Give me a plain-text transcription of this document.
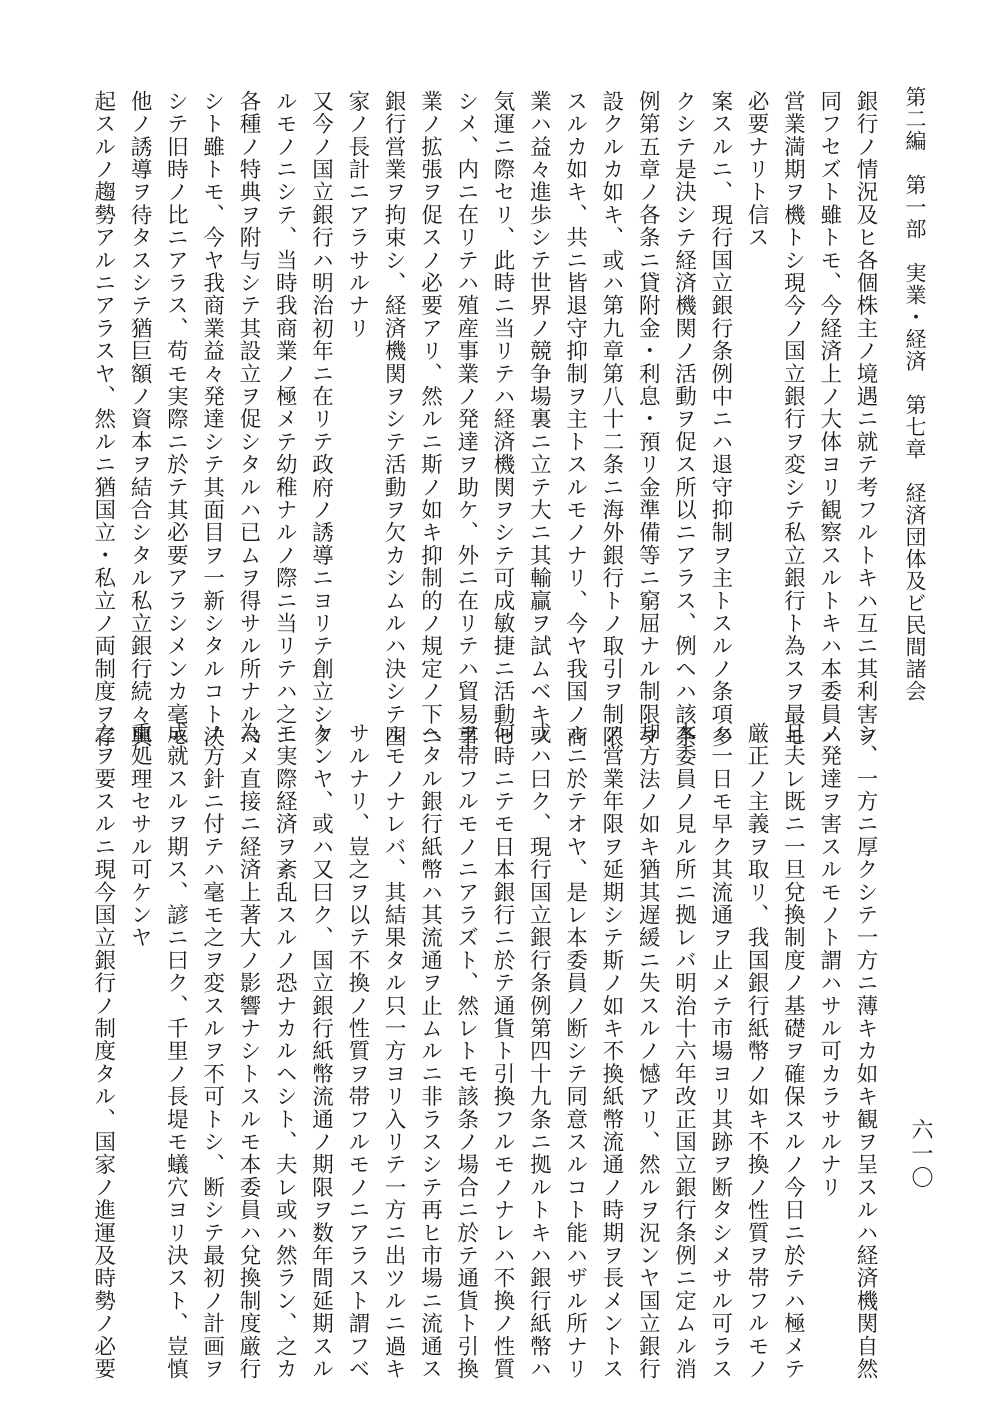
第二編　第一部　実業・経済　第七章　経済団体及ビ民間諸会
六一〇
銀行ノ情況及ヒ各個株主ノ境遇ニ就テ考フルトキハ互ニ其利害ヲ
同フセズト雖トモ、今経済上ノ大体ヨリ観察スルトキハ本委員ハ
営業満期ヲ機トシ現今ノ国立銀行ヲ変シテ私立銀行ト為スヲ最モ
必要ナリト信ス
案スルニ、現行国立銀行条例中ニハ退守抑制ヲ主トスルノ条項多
クシテ是決シテ経済機関ノ活動ヲ促ス所以ニアラス、例ヘハ該条
例第五章ノ各条ニ貸附金・利息・預リ金準備等ニ窮屈ナル制限ヲ
設クルカ如キ、或ハ第九章第八十二条ニ海外銀行トノ取引ヲ制限
スルカ如キ、共ニ皆退守抑制ヲ主トスルモノナリ、今ヤ我国ノ商
業ハ益々進歩シテ世界ノ競争場裏ニ立テ大ニ其輸贏ヲ試ムベキノ
気運ニ際セリ、此時ニ当リテハ経済機関ヲシテ可成敏捷ニ活動セ
シメ、内ニ在リテハ殖産事業ノ発達ヲ助ケ、外ニ在リテハ貿易事
業ノ拡張ヲ促スノ必要アリ、然ルニ斯ノ如キ抑制的ノ規定ノ下ニ
銀行営業ヲ拘束シ、経済機関ヲシテ活動ヲ欠カシムルハ決シテ国
家ノ長計ニアラサルナリ
又今ノ国立銀行ハ明治初年ニ在リテ政府ノ誘導ニヨリテ創立シタ
ルモノニシテ、当時我商業ノ極メテ幼稚ナルノ際ニ当リテハ之ニ
各種ノ特典ヲ附与シテ其設立ヲ促シタルハ已ムヲ得サル所ナルベ
シト雖トモ、今ヤ我商業益々発達シテ其面目ヲ一新シタルコト決
シテ旧時ノ比ニアラス、苟モ実際ニ於テ其必要アラシメンカ毫モ
他ノ誘導ヲ待タスシテ猶巨額ノ資本ヲ結合シタル私立銀行続々興
起スルノ趨勢アルニアラスヤ、然ルニ猶国立・私立ノ両制度ヲ存
シ、一方ニ厚クシテ一方ニ薄キカ如キ観ヲ呈スルハ経済機関自然
ノ発達ヲ害スルモノト謂ハサル可カラサルナリ
且夫レ既ニ一旦兌換制度ノ基礎ヲ確保スルノ今日ニ於テハ極メテ
厳正ノ主義ヲ取リ、我国銀行紙幣ノ如キ不換ノ性質ヲ帯フルモノ
ハ一日モ早ク其流通ヲ止メテ市場ヨリ其跡ヲ断タシメサル可ラス
本委員ノ見ル所ニ拠レバ明治十六年改正国立銀行条例ニ定ムル消
却方法ノ如キ猶其遅緩ニ失スルノ憾アリ、然ルヲ況ンヤ国立銀行
ノ営業年限ヲ延期シテ斯ノ如キ不換紙幣流通ノ時期ヲ長メントス
ルニ於テオヤ、是レ本委員ノ断シテ同意スルコト能ハザル所ナリ
或ハ曰ク、現行国立銀行条例第四十九条ニ拠ルトキハ銀行紙幣ハ
何時ニテモ日本銀行ニ於テ通貨ト引換フルモノナレハ不換ノ性質
ヲ帯フルモノニアラズト、然レトモ該条ノ場合ニ於テ通貨ト引換
ヘタル銀行紙幣ハ其流通ヲ止ムルニ非ラスシテ再ヒ市場ニ流通ス
ルモノナレバ、其結果タル只一方ヨリ入リテ一方ニ出ツルニ過キ
サルナリ、豈之ヲ以テ不換ノ性質ヲ帯フルモノニアラスト謂フベ
ケンヤ、或ハ又曰ク、国立銀行紙幣流通ノ期限ヲ数年間延期スル
モ実際経済ヲ紊乱スルノ恐ナカルヘシト、夫レ或ハ然ラン、之カ
為メ直接ニ経済上著大ノ影響ナシトスルモ本委員ハ兌換制度厳行
ノ方針ニ付テハ毫モ之ヲ変スルヲ不可トシ、断シテ最初ノ計画ヲ
成就スルヲ期ス、諺ニ曰ク、千里ノ長堤モ蟻穴ヨリ決スト、豈慎
重処理セサル可ケンヤ
之ヲ要スルニ現今国立銀行ノ制度タル、国家ノ進運及時勢ノ必要
